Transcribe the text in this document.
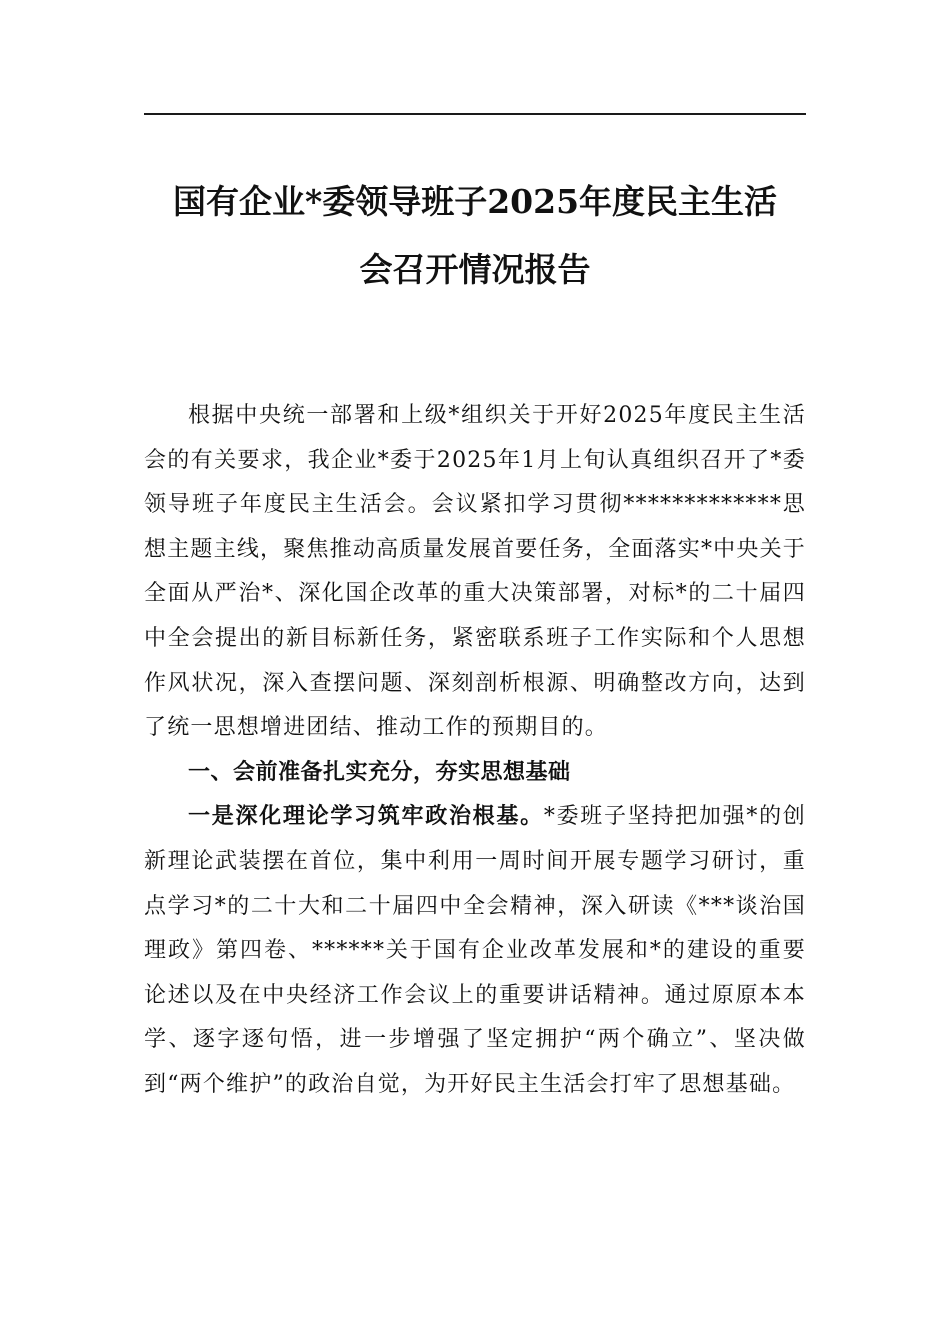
国有企业*委领导班子2025年度民主生活
会召开情况报告

根据中央统一部署和上级*组织关于开好2025年度民主生活会的有关要求，我企业*委于2025年1月上旬认真组织召开了*委领导班子年度民主生活会。会议紧扣学习贯彻*************思想主题主线，聚焦推动高质量发展首要任务，全面落实*中央关于全面从严治*、深化国企改革的重大决策部署，对标*的二十届四中全会提出的新目标新任务，紧密联系班子工作实际和个人思想作风状况，深入查摆问题、深刻剖析根源、明确整改方向，达到了统一思想增进团结、推动工作的预期目的。

一、会前准备扎实充分，夯实思想基础

一是深化理论学习筑牢政治根基。*委班子坚持把加强*的创新理论武装摆在首位，集中利用一周时间开展专题学习研讨，重点学习*的二十大和二十届四中全会精神，深入研读《***谈治国理政》第四卷、******关于国有企业改革发展和*的建设的重要论述以及在中央经济工作会议上的重要讲话精神。通过原原本本学、逐字逐句悟，进一步增强了坚定拥护“两个确立”、坚决做到“两个维护”的政治自觉，为开好民主生活会打牢了思想基础。
